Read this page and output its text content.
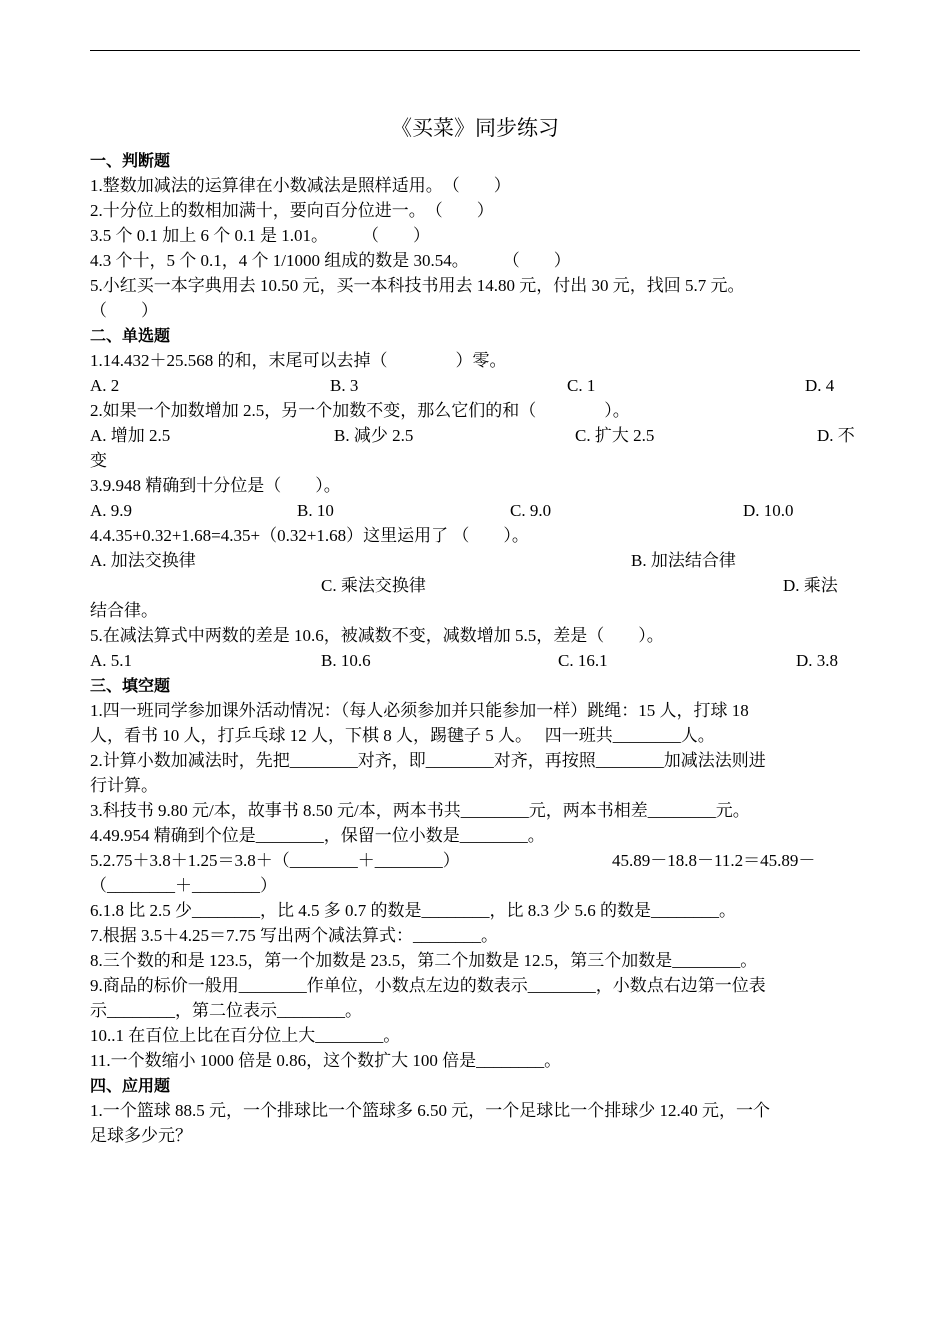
《买菜》同步练习
一、判断题
1.整数加减法的运算律在小数减法是照样适用。　（　　）
2.十分位上的数相加满十，要向百分位进一。　（　　）
3.5 个 0.1 加上 6 个 0.1 是 1.01。　　　（　　）
4.3 个十，5 个 0.1，4 个 1/1000 组成的数是 30.54。　　　（　　）
5.小红买一本字典用去 10.50 元，买一本科技书用去 14.80 元，付出 30 元，找回 5.7 元。
（　　）
二、单选题
1.14.432＋25.568 的和，末尾可以去掉（　　　　）零。
A. 2	B. 3	C. 1	D. 4
2.如果一个加数增加 2.5，另一个加数不变，那么它们的和（　　　　）。
A. 增加 2.5	B. 减少 2.5	C. 扩大 2.5	D. 不
变
3.9.948 精确到十分位是（　　）。
A. 9.9	B. 10	C. 9.0	D. 10.0
4.4.35+0.32+1.68=4.35+（0.32+1.68）这里运用了 （　　）。
A. 加法交换律	B. 加法结合律
C. 乘法交换律	D. 乘法
结合律。
5.在减法算式中两数的差是 10.6，被减数不变，减数增加 5.5，差是（　　）。
A. 5.1	B. 10.6	C. 16.1	D. 3.8
三、填空题
1.四一班同学参加课外活动情况：（每人必须参加并只能参加一样）跳绳：15 人，打球 18
人，看书 10 人，打乒乓球 12 人，下棋 8 人，踢毽子 5 人。　 四一班共________人。
2.计算小数加减法时，先把________对齐，即________对齐，再按照________加减法法则进
行计算。
3.科技书 9.80 元/本，故事书 8.50 元/本，两本书共________元，两本书相差________元。
4.49.954 精确到个位是________，保留一位小数是________。
5.2.75＋3.8＋1.25＝3.8＋（________＋________）	45.89－18.8－11.2＝45.89－
（________＋________）
6.1.8 比 2.5 少________，比 4.5 多 0.7 的数是________，比 8.3 少 5.6 的数是________。
7.根据 3.5＋4.25＝7.75 写出两个减法算式：________。
8.三个数的和是 123.5，第一个加数是 23.5，第二个加数是 12.5，第三个加数是________。
9.商品的标价一般用________作单位，小数点左边的数表示________，小数点右边第一位表
示________，第二位表示________。
10..1 在百位上比在百分位上大________。
11.一个数缩小 1000 倍是 0.86，这个数扩大 100 倍是________。
四、应用题
1.一个篮球 88.5 元，一个排球比一个篮球多 6.50 元，一个足球比一个排球少 12.40 元，一个
足球多少元？
